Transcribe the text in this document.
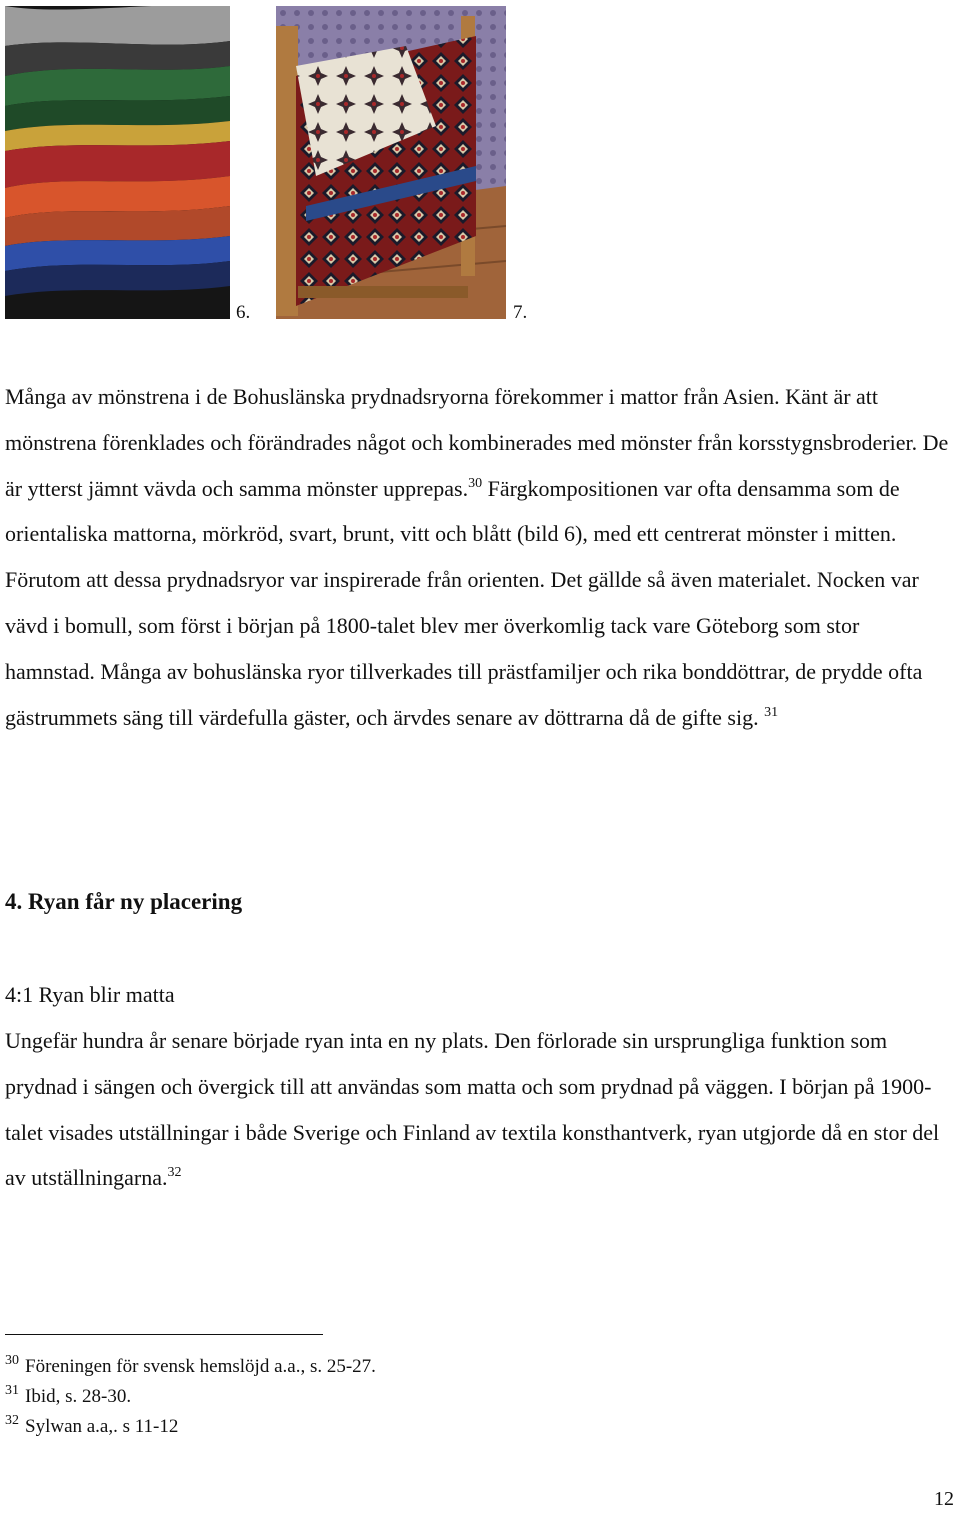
6.	7.

Många av mönstrena i de Bohuslänska prydnadsryorna förekommer i mattor från Asien. Känt är att mönstrena förenklades och förändrades något och kombinerades med mönster från korsstygnsbroderier. De är ytterst jämnt vävda och samma mönster upprepas.$^{30}$ Färgkompositionen var ofta densamma som de orientaliska mattorna, mörkröd, svart, brunt, vitt och blått (bild 6), med ett centrerat mönster i mitten. Förutom att dessa prydnadsryor var inspirerade från orienten. Det gällde så även materialet. Nocken var vävd i bomull, som först i början på 1800-talet blev mer överkomlig tack vare Göteborg som stor hamnstad. Många av bohuslänska ryor tillverkades till prästfamiljer och rika bonddöttrar, de prydde ofta gästrummets säng till värdefulla gäster, och ärvdes senare av döttrarna då de gifte sig. $^{31}$

4. Ryan får ny placering

4:1 Ryan blir matta

Ungefär hundra år senare började ryan inta en ny plats. Den förlorade sin ursprungliga funktion som prydnad i sängen och övergick till att användas som matta och som prydnad på väggen. I början på 1900-talet visades utställningar i både Sverige och Finland av textila konsthantverk, ryan utgjorde då en stor del av utställningarna.$^{32}$

$^{30}$ Föreningen för svensk hemslöjd a.a., s. 25-27.

$^{31}$ Ibid, s. 28-30.

$^{32}$ Sylwan a.a,. s 11-12

12
